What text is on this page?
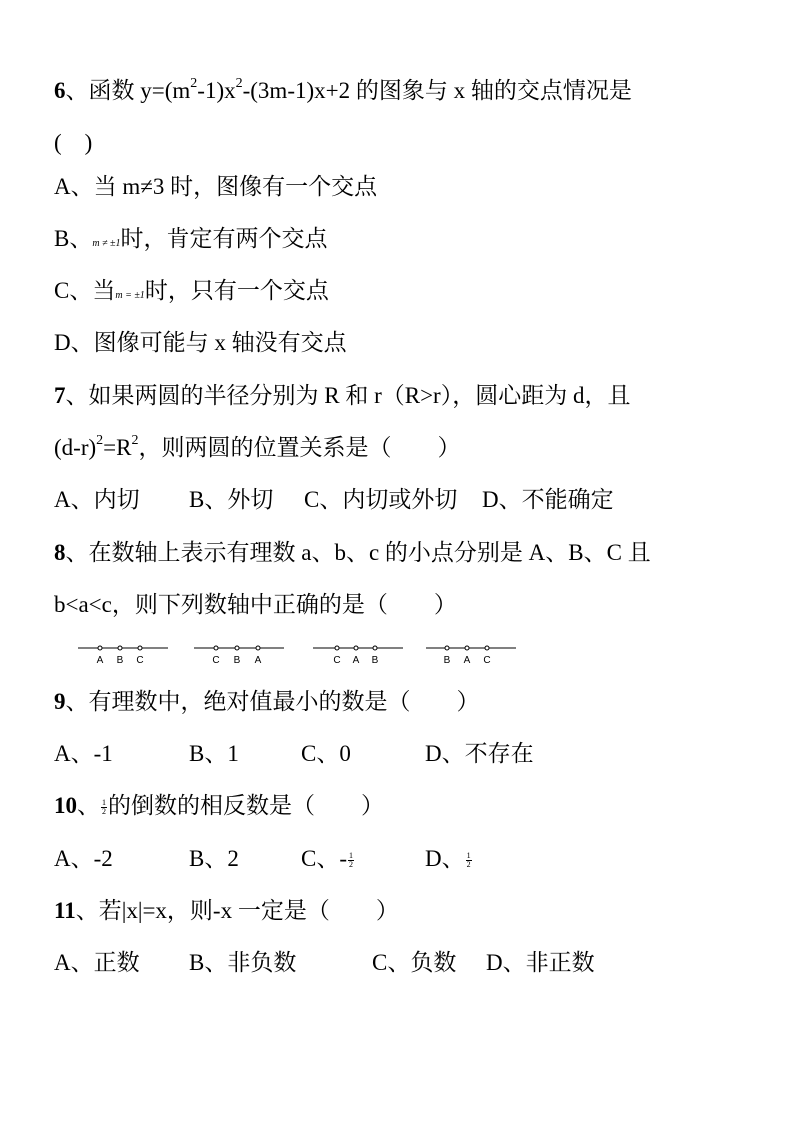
6、函数 $y=(m^2-1)x^2-(3m-1)x+2$ 的图象与 x 轴的交点情况是
(　)
A、当 m≠3 时，图像有一个交点
B、m ≠ ±1时，肯定有两个交点
C、当m = ±1时，只有一个交点
D、图像可能与 x 轴没有交点
7、如果两圆的半径分别为 R 和 r（R>r），圆心距为 d，且
$(d-r)^2=R^2$，则两圆的位置关系是（　　）
A、内切 B、外切 C、内切或外切 D、不能确定
8、在数轴上表示有理数 a、b、c 的小点分别是 A、B、C 且
b<a<c，则下列数轴中正确的是（　　）
A B C	C B A	C A B	B A C
9、有理数中，绝对值最小的数是（　　）
A、-1	B、1	C、0	D、不存在
10、 $\frac{1}{2}$ 的倒数的相反数是（　　）
A、-2	B、2	C、- $\frac{1}{2}$	D、 $\frac{1}{2}$
11、若|x|=x，则-x 一定是（　　）
A、正数 B、非负数	C、负数 D、非正数
